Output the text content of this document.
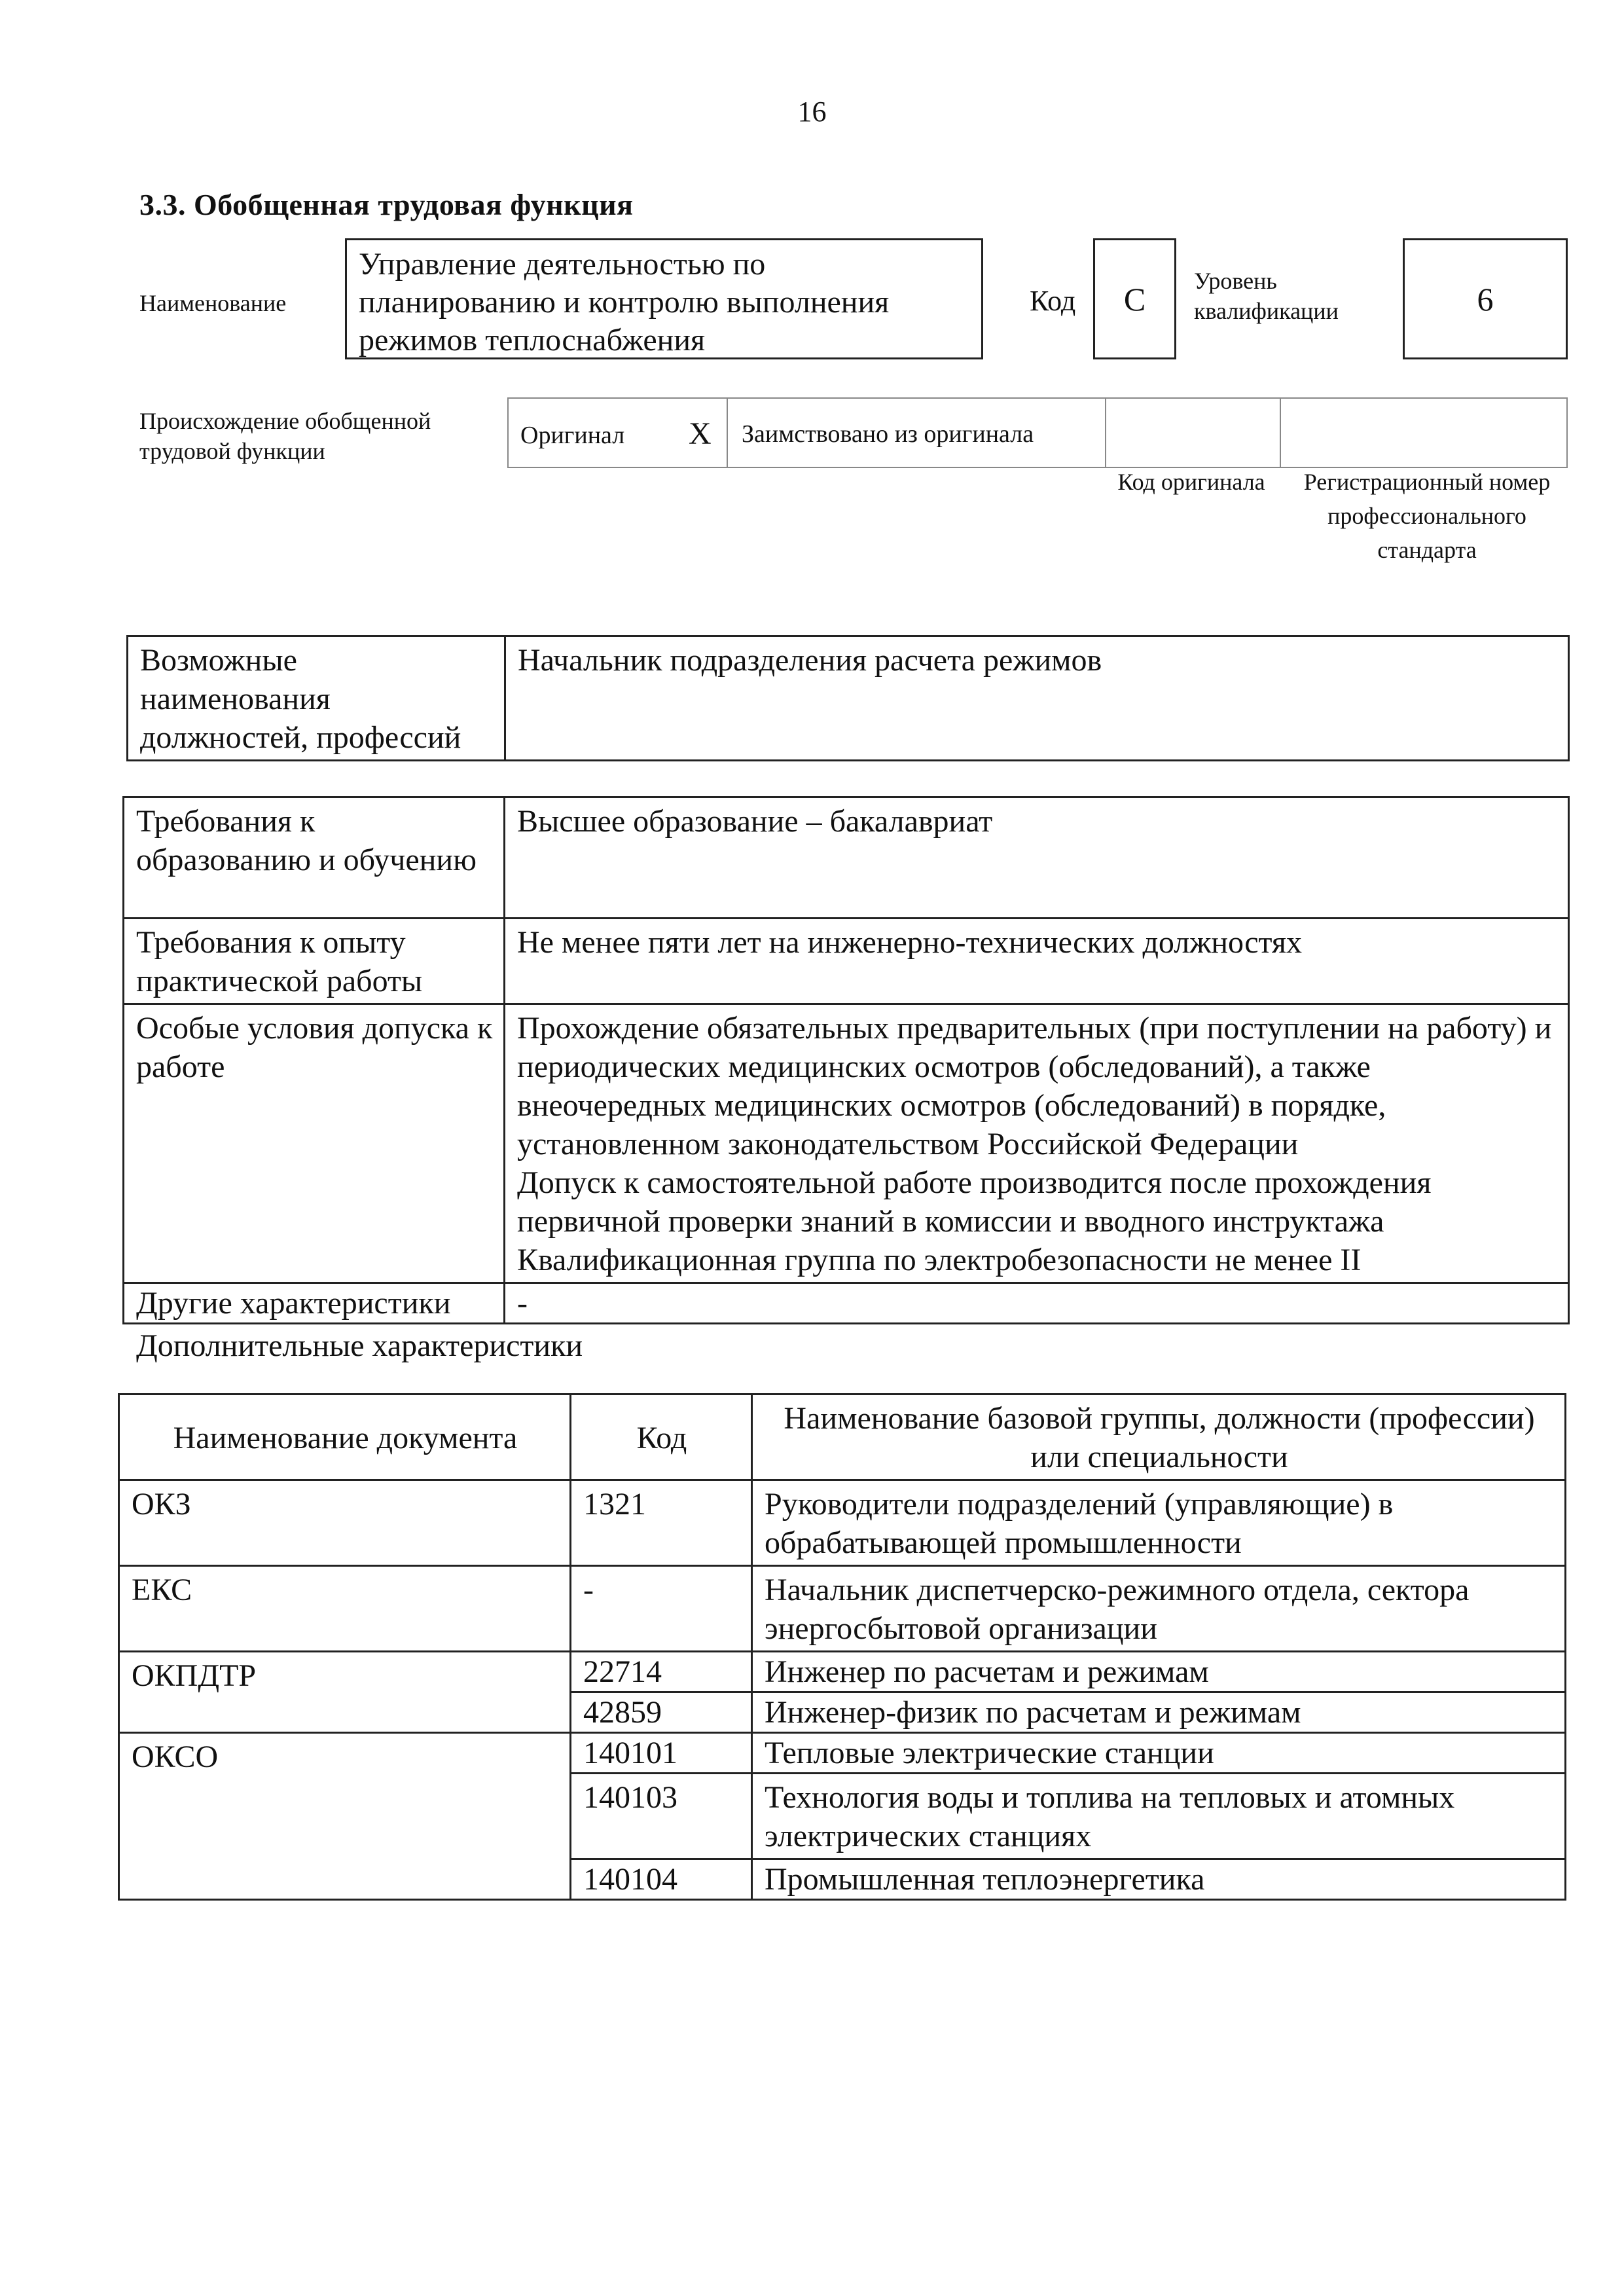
16
3.3. Обобщенная трудовая функция
Наименование
Управление деятельностью по планированию и контролю выполнения режимов теплоснабжения
Код C Уровень квалификации	6
Происхождение обобщенной трудовой функции
Оригинал X Заимствовано из оригинала
Код оригинала	Регистрационный номер профессионального стандарта
Возможные наименования должностей, профессий	Начальник подразделения расчета режимов
Требования к образованию и обучению	Высшее образование – бакалавриат
Требования к опыту практической работы	Не менее пяти лет на инженерно-технических должностях
Особые условия допуска к работе	Прохождение обязательных предварительных (при поступлении на работу) и периодических медицинских осмотров (обследований), а также внеочередных медицинских осмотров (обследований) в порядке, установленном законодательством Российской Федерации
Допуск к самостоятельной работе производится после прохождения первичной проверки знаний в комиссии и вводного инструктажа
Квалификационная группа по электробезопасности не менее II

Другие характеристики	-
Дополнительные характеристики
Наименование документа	Код	Наименование базовой группы, должности (профессии) или специальности
ОКЗ	1321	Руководители подразделений (управляющие) в обрабатывающей промышленности
ЕКС	-	Начальник диспетчерско-режимного отдела, сектора энергосбытовой организации
ОКПДТР	22714	Инженер по расчетам и режимам
	42859	Инженер-физик по расчетам и режимам
ОКСО	140101	Тепловые электрические станции
	140103	Технология воды и топлива на тепловых и атомных электрических станциях
	140104	Промышленная теплоэнергетика
